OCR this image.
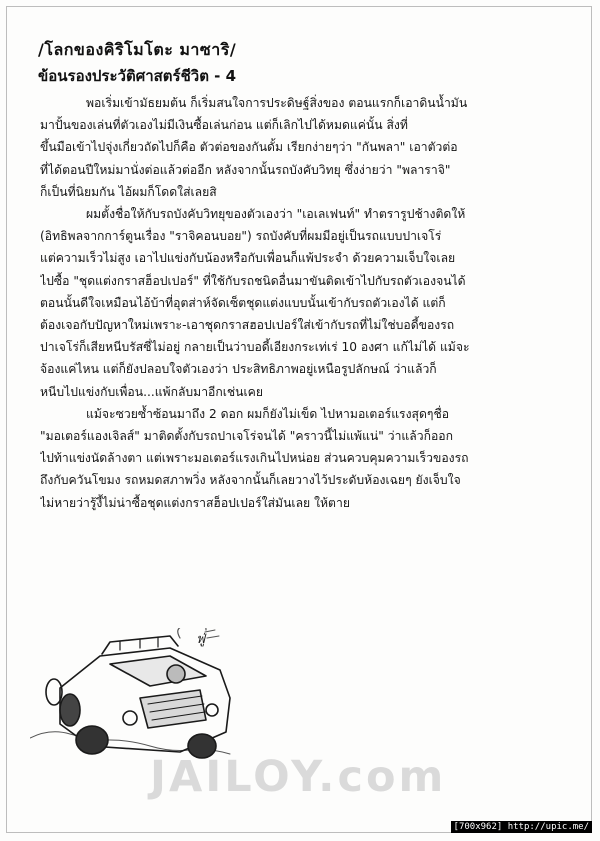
/โลกของคิริโมโตะ มาซาริ/
ข้อนรองประวัติศาสตร์ชีวิต - 4
พอเริ่มเข้ามัธยมต้น ก็เริ่มสนใจการประดิษฐ์สิ่งของ ตอนแรกก็เอาดินน้ำมัน
มาปั้นของเล่นที่ตัวเองไม่มีเงินซื้อเล่นก่อน แต่ก็เลิกไปได้หมดแค่นั้น สิ่งที่
ขึ้นมือเข้าไปจุ่งเกี่ยวถัดไปก็คือ ตัวต่อของกันดั้ม เรียกง่ายๆว่า "กันพลา" เอาตัวต่อ
ที่ได้ตอนปีใหม่มานั่งต่อแล้วต่ออีก หลังจากนั้นรถบังคับวิทยุ ซึ่งง่ายว่า "พลาราจิ"
ก็เป็นที่นิยมกัน ไอ้ผมก็โดดใส่เลยสิ
ผมตั้งชื่อให้กับรถบังคับวิทยุของตัวเองว่า "เอเลเฟนท์" ทำตรารูปช้างติดให้
(อิทธิพลจากการ์ตูนเรื่อง "ราจิคอนบอย") รถบังคับที่ผมมีอยู่เป็นรถแบบปาเจโร่
แต่ความเร็วไม่สูง เอาไปแข่งกับน้องหรือกับเพื่อนก็แพ้ประจำ ด้วยความเจ็บใจเลย
ไปซื้อ "ชุดแต่งกราสฮ็อปเปอร์" ที่ใช้กับรถชนิดอื่นมาขันติดเข้าไปกับรถตัวเองจนได้
ตอนนั้นดีใจเหมือนไอ้บ้าที่อุตส่าห์จัดเซ็ตชุดแต่งแบบนั้นเข้ากับรถตัวเองได้ แต่ก็
ต้องเจอกับปัญหาใหม่เพราะ-เอาชุดกราสฮอปเปอร์ใส่เข้ากับรถที่ไม่ใช่บอดี้ของรถ
ปาเจโร่ก็เสียหนีบรัสซี่ไม่อยู่ กลายเป็นว่าบอดี้เอียงกระเท่เร่ 10 องศา แก้ไม่ได้ แม้จะ
จ้องแค่ไหน แต่ก็ยังปลอบใจตัวเองว่า ประสิทธิภาพอยู่เหนือรูปลักษณ์ ว่าแล้วก็
หนีบไปแข่งกับเพื่อน...แพ้กลับมาอีกเช่นเคย
แม้จะซวยซ้ำซ้อนมาถึง 2 ดอก ผมก็ยังไม่เข็ด ไปหามอเตอร์แรงสุดๆชื่อ
"มอเตอร์แองเจิลส์" มาติดตั้งกับรถปาเจโร่จนได้ "คราวนี้ไม่แพ้แน่" ว่าแล้วก็ออก
ไปท้าแข่งนัดล้างตา แต่เพราะมอเตอร์แรงเกินไปหน่อย ส่วนควบคุมความเร็วของรถ
ถึงกับควันโขมง รถหมดสภาพวิ่ง หลังจากนั้นก็เลยวางไว้ประดับห้องเฉยๆ ยังเจ็บใจ
ไม่หายว่ารู้งี้ไม่น่าซื้อชุดแต่งกราสฮ็อปเปอร์ใส่มันเลย ให้ตาย
ฟู่
JAILOY.com
[700x962] http://upic.me/
